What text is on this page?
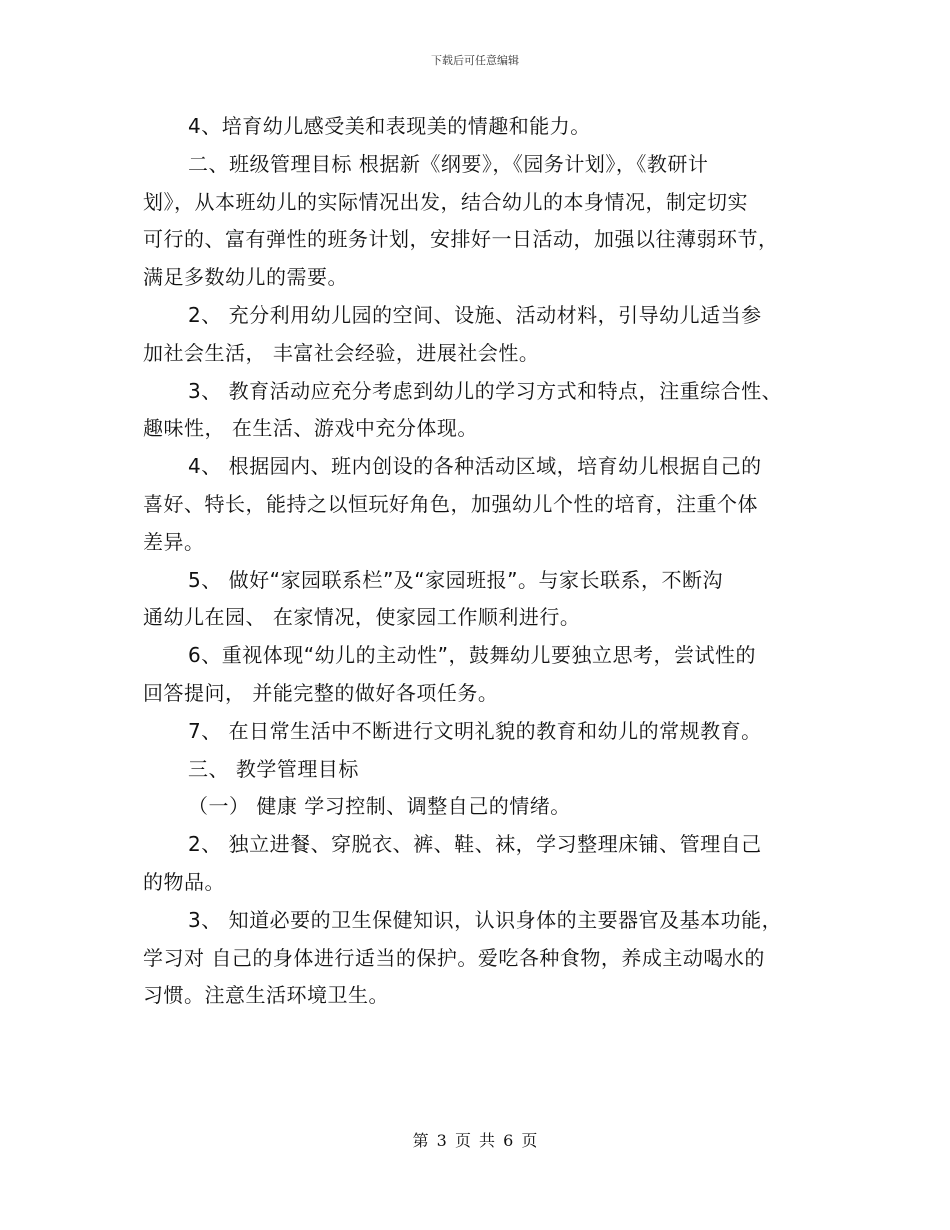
下载后可任意编辑
4、培育幼儿感受美和表现美的情趣和能力。
二、班级管理目标 根据新《纲要》，《园务计划》，《教研计
划》，从本班幼儿的实际情况出发，结合幼儿的本身情况，制定切实
可行的、富有弹性的班务计划，安排好一日活动，加强以往薄弱环节，
满足多数幼儿的需要。
2、 充分利用幼儿园的空间、设施、活动材料，引导幼儿适当参
加社会生活， 丰富社会经验，进展社会性。
3、 教育活动应充分考虑到幼儿的学习方式和特点，注重综合性、
趣味性， 在生活、游戏中充分体现。
4、 根据园内、班内创设的各种活动区域，培育幼儿根据自己的
喜好、特长，能持之以恒玩好角色，加强幼儿个性的培育，注重个体
差异。
5、 做好“家园联系栏”及“家园班报”。与家长联系，不断沟
通幼儿在园、 在家情况，使家园工作顺利进行。
6、重视体现“幼儿的主动性”，鼓舞幼儿要独立思考，尝试性的
回答提问， 并能完整的做好各项任务。
7、 在日常生活中不断进行文明礼貌的教育和幼儿的常规教育。
三、 教学管理目标
（一） 健康 学习控制、调整自己的情绪。
2、 独立进餐、穿脱衣、裤、鞋、袜，学习整理床铺、管理自己
的物品。
3、 知道必要的卫生保健知识，认识身体的主要器官及基本功能，
学习对 自己的身体进行适当的保护。爱吃各种食物，养成主动喝水的
习惯。注意生活环境卫生。
第 3 页 共 6 页
